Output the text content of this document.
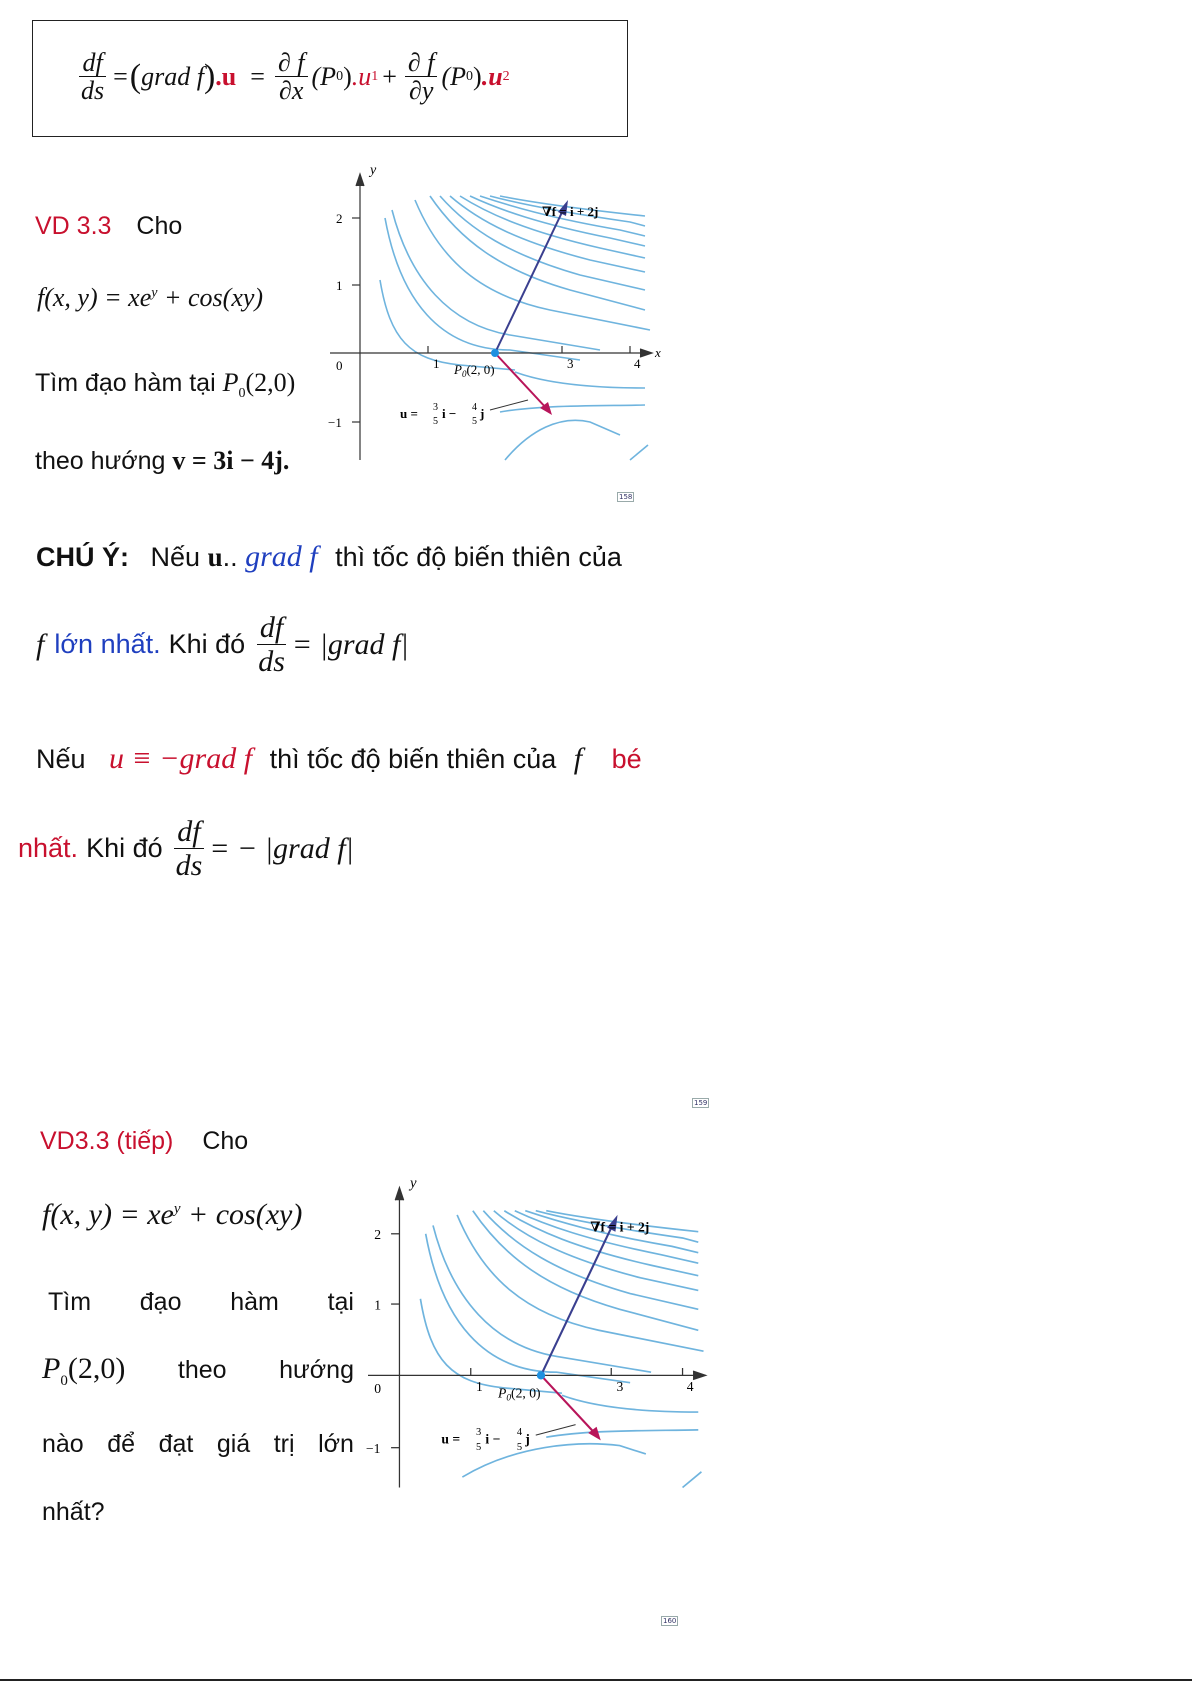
$\frac{df}{ds}$ = ( grad f ) $.u = \frac{\partial f}{\partial x} (P$ 0 ) .u $1 + \frac{\partial f}{\partial y} (P$ 0 ) .u 2
VD 3.3 Cho
f(x, $y) = xe^y + \cos(xy)$
Tìm đạo hàm tại $P_0(2,0)$
theo hướng v = 3i − 4j.
158
y
x
2
1
0
−1
1	3	4
∇f = i + 2j
$P_0(2$, 0)
u = 3
5
i − 4
5
j
CHÚ Ý: Nếu u.. grad f thì tốc độ biến thiên của
f lớn nhất. Khi đó $\frac{df}{ds}$ = |grad f|
Nếu u ≡ −grad f thì tốc độ biến thiên của f bé
nhất. Khi đó $\frac{df}{ds}$ = − |grad f|
159
VD3.3 (tiếp) Cho
f(x, $y) = xe^y + \cos(xy)$
Tìm đạo hàm tại
$P_0(2,0)$ theo hướng
nào để đạt giá trị lớn
nhất?
y
2
1
0
−1
1	3	4
∇f = i + 2j
$P_0(2$, 0)
u = 3
5
i − 4
5
j
160
